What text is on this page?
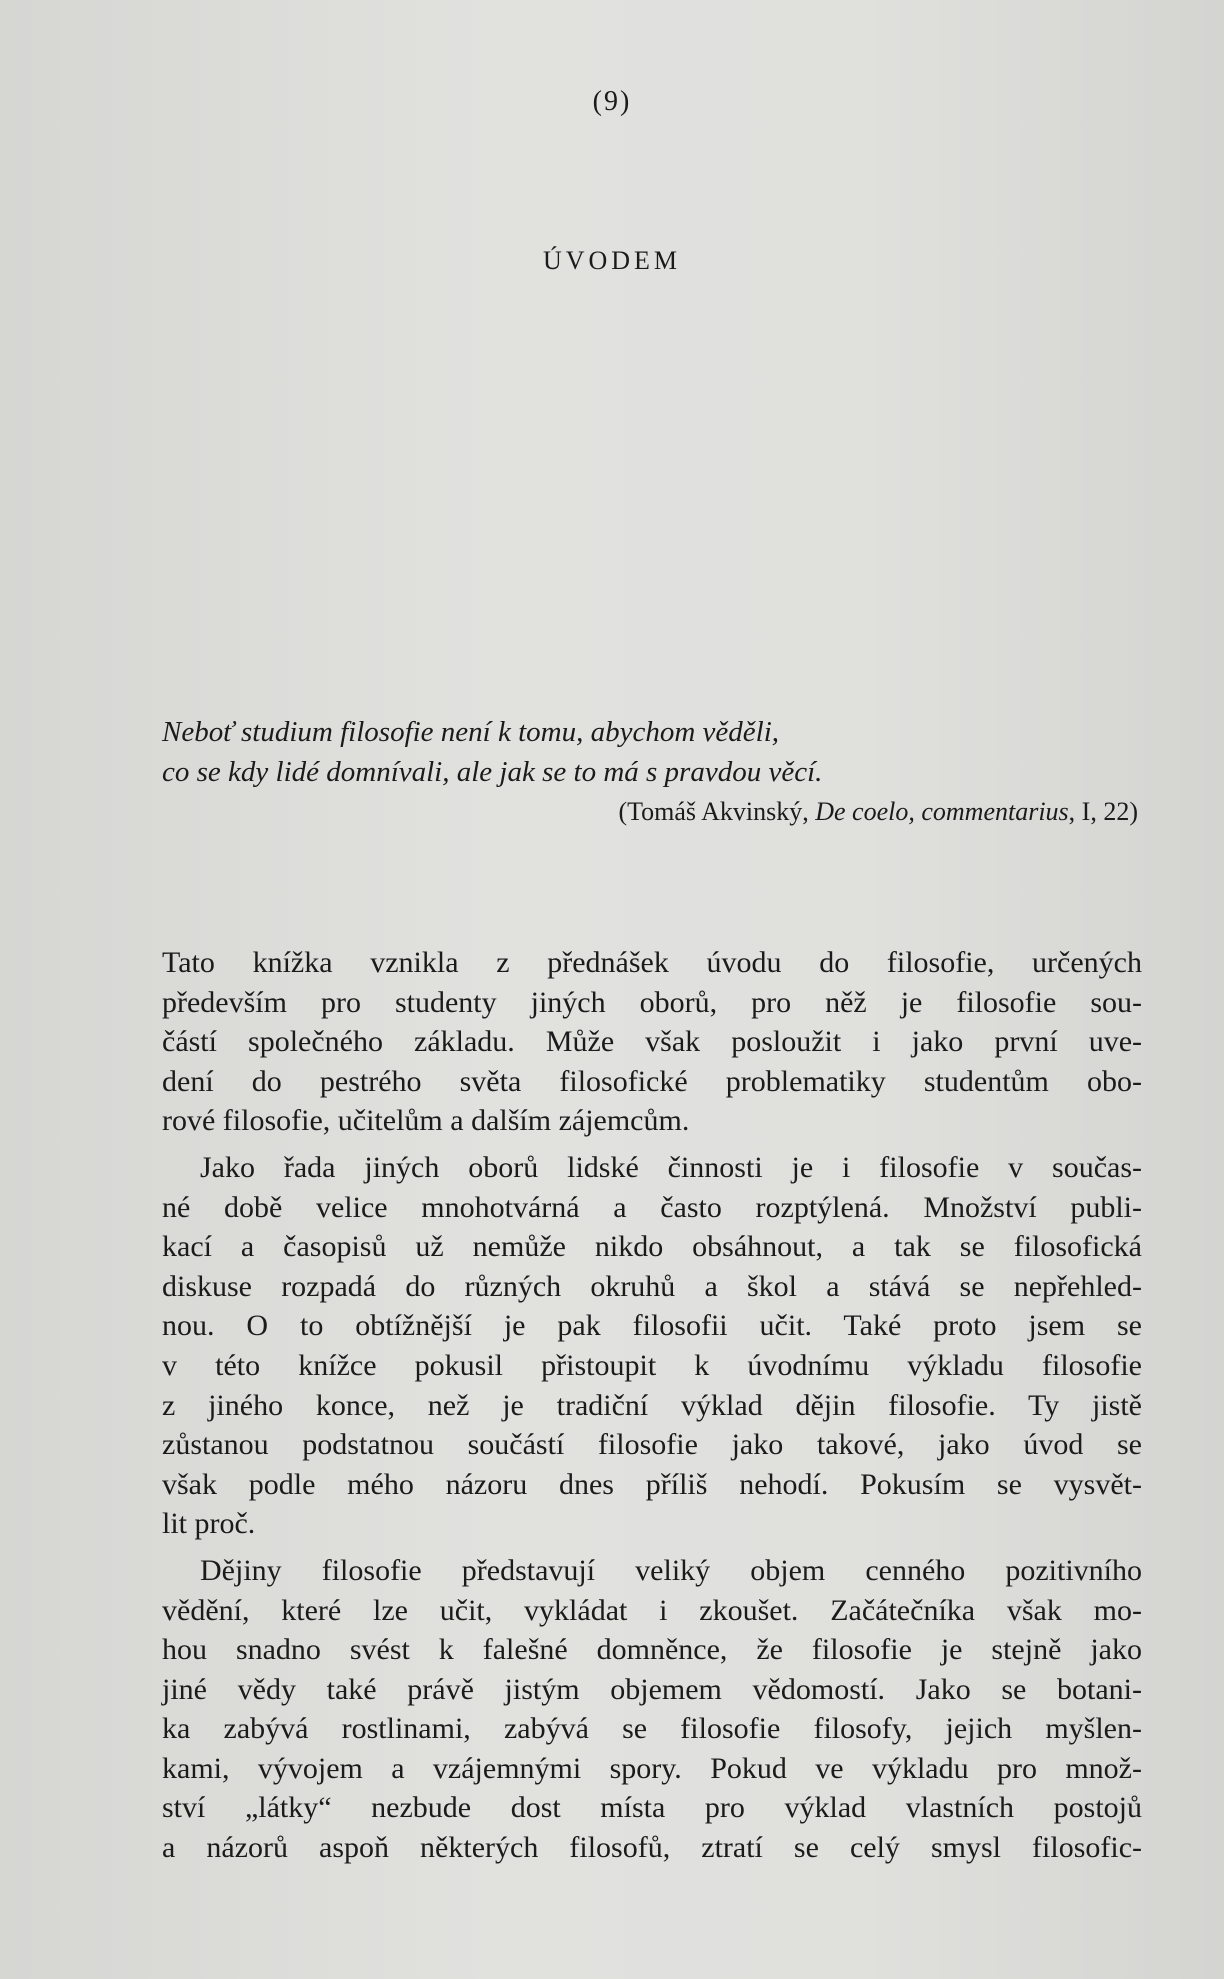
(9)
ÚVODEM
Neboť studium filosofie není k tomu, abychom věděli,
co se kdy lidé domnívali, ale jak se to má s pravdou věcí.
(Tomáš Akvinský, De coelo, commentarius, I, 22)
Tato knížka vznikla z přednášek úvodu do filosofie, určených
především pro studenty jiných oborů, pro něž je filosofie sou-
částí společného základu. Může však posloužit i jako první uve-
dení do pestrého světa filosofické problematiky studentům obo-
rové filosofie, učitelům a dalším zájemcům.
Jako řada jiných oborů lidské činnosti je i filosofie v součas-
né době velice mnohotvárná a často rozptýlená. Množství publi-
kací a časopisů už nemůže nikdo obsáhnout, a tak se filosofická
diskuse rozpadá do různých okruhů a škol a stává se nepřehled-
nou. O to obtížnější je pak filosofii učit. Také proto jsem se
v této knížce pokusil přistoupit k úvodnímu výkladu filosofie
z jiného konce, než je tradiční výklad dějin filosofie. Ty jistě
zůstanou podstatnou součástí filosofie jako takové, jako úvod se
však podle mého názoru dnes příliš nehodí. Pokusím se vysvět-
lit proč.
Dějiny filosofie představují veliký objem cenného pozitivního
vědění, které lze učit, vykládat i zkoušet. Začátečníka však mo-
hou snadno svést k falešné domněnce, že filosofie je stejně jako
jiné vědy také právě jistým objemem vědomostí. Jako se botani-
ka zabývá rostlinami, zabývá se filosofie filosofy, jejich myšlen-
kami, vývojem a vzájemnými spory. Pokud ve výkladu pro množ-
ství „látky“ nezbude dost místa pro výklad vlastních postojů
a názorů aspoň některých filosofů, ztratí se celý smysl filosofic-
